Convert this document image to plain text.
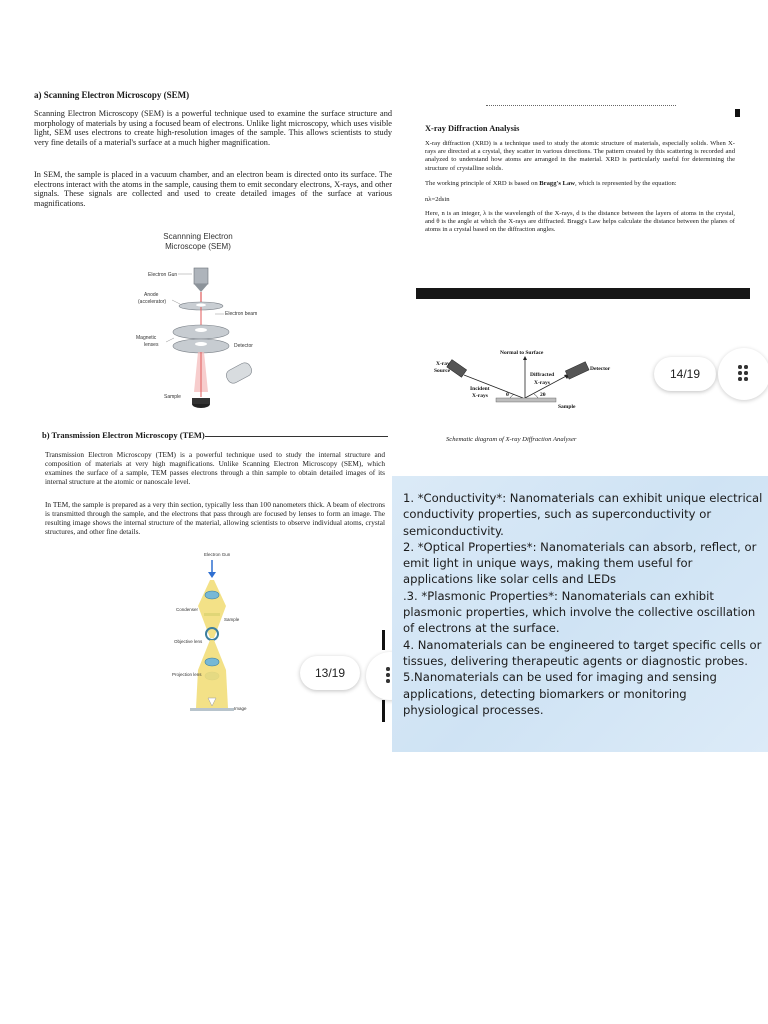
a) Scanning Electron Microscopy (SEM)
Scanning Electron Microscopy (SEM) is a powerful technique used to examine the surface structure and morphology of materials by using a focused beam of electrons. Unlike light microscopy, which uses visible light, SEM uses electrons to create high-resolution images of the sample. This allows scientists to study very fine details of a material's surface at a much higher magnification.
In SEM, the sample is placed in a vacuum chamber, and an electron beam is directed onto its surface. The electrons interact with the atoms in the sample, causing them to emit secondary electrons, X-rays, and other signals. These signals are collected and used to create detailed images of the surface at various magnifications.
Scannning Electron
Microscope (SEM)
Electron Gun
Anode
(accelerator)
Electron beam
Magnetic
lenses	Detector
Sample
b) Transmission Electron Microscopy (TEM)
Transmission Electron Microscopy (TEM) is a powerful technique used to study the internal structure and composition of materials at very high magnifications. Unlike Scanning Electron Microscopy (SEM), which examines the surface of a sample, TEM passes electrons through a thin sample to obtain detailed images of its internal structure at the atomic or nanoscale level.
In TEM, the sample is prepared as a very thin section, typically less than 100 nanometers thick. A beam of electrons is transmitted through the sample, and the electrons that pass through are focused by lenses to form an image. The resulting image shows the internal structure of the material, allowing scientists to observe individual atoms, crystal structures, and other fine details.
Electron Gun
Condenser
Sample
Objective lens
Projection lens
Image
13/19
X-ray Diffraction Analysis
X-ray diffraction (XRD) is a technique used to study the atomic structure of materials, especially solids. When X-rays are directed at a crystal, they scatter in various directions. The pattern created by this scattering is recorded and analyzed to understand how atoms are arranged in the material. XRD is particularly useful for determining the structure of crystalline solids.
The working principle of XRD is based on Bragg's Law, which is represented by the equation:
nλ=2dsin
Here, n is an integer, λ is the wavelength of the X-rays, d is the distance between the layers of atoms in the crystal, and θ is the angle at which the X-rays are diffracted. Bragg's Law helps calculate the distance between the planes of atoms in a crystal based on the diffraction angles.
Normal to Surface
X-ray
Source	Detector
Diffracted
X-rays
Incident
X-rays	θ	2θ
Sample
Schematic diagram of X-ray Diffraction Analyser
14/19
1. *Conductivity*: Nanomaterials can exhibit unique electrical conductivity properties, such as superconductivity or semiconductivity.
2. *Optical Properties*: Nanomaterials can absorb, reflect, or emit light in unique ways, making them useful for applications like solar cells and LEDs
.3. *Plasmonic Properties*: Nanomaterials can exhibit plasmonic properties, which involve the collective oscillation of electrons at the surface.
4. Nanomaterials can be engineered to target specific cells or tissues, delivering therapeutic agents or diagnostic probes.
5.Nanomaterials can be used for imaging and sensing applications, detecting biomarkers or monitoring physiological processes.
